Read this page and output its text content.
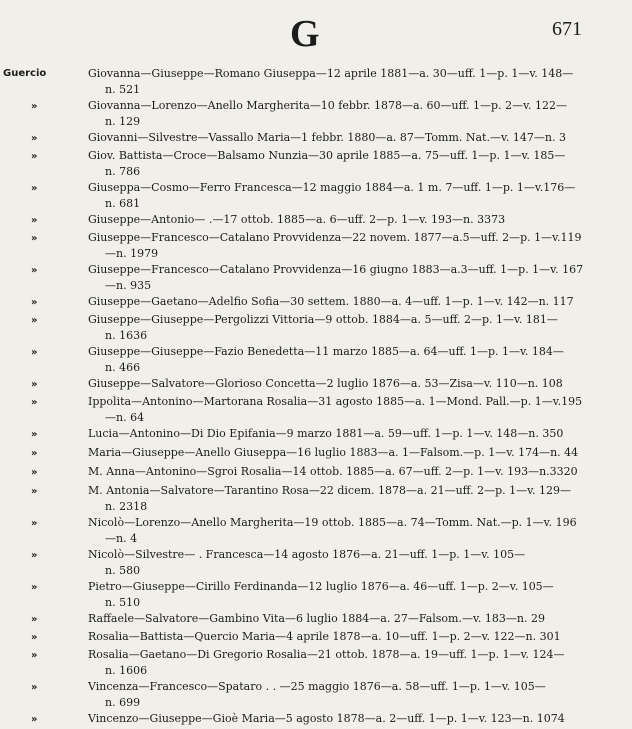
G	671
Guercio	Giovanna—Giuseppe—Romano Giuseppa—12 aprile 1881—a. 30—uff. 1—p. 1—v. 148—
n. 521
»	Giovanna—Lorenzo—Anello Margherita—10 febbr. 1878—a. 60—uff. 1—p. 2—v. 122—
n. 129
»	Giovanni—Silvestre—Vassallo Maria—1 febbr. 1880—a. 87—Tomm. Nat.—v. 147—n. 3
»	Giov. Battista—Croce—Balsamo Nunzia—30 aprile 1885—a. 75—uff. 1—p. 1—v. 185—
n. 786
»	Giuseppa—Cosmo—Ferro Francesca—12 maggio 1884—a. 1 m. 7—uff. 1—p. 1—v.176—
n. 681
»	Giuseppe—Antonio— .—17 ottob. 1885—a. 6—uff. 2—p. 1—v. 193—n. 3373
»	Giuseppe—Francesco—Catalano Provvidenza—22 novem. 1877—a.5—uff. 2—p. 1—v.119
—n. 1979
»	Giuseppe—Francesco—Catalano Provvidenza—16 giugno 1883—a.3—uff. 1—p. 1—v. 167
—n. 935
»	Giuseppe—Gaetano—Adelfio Sofia—30 settem. 1880—a. 4—uff. 1—p. 1—v. 142—n. 117
»	Giuseppe—Giuseppe—Pergolizzi Vittoria—9 ottob. 1884—a. 5—uff. 2—p. 1—v. 181—
n. 1636
»	Giuseppe—Giuseppe—Fazio Benedetta—11 marzo 1885—a. 64—uff. 1—p. 1—v. 184—
n. 466
»	Giuseppe—Salvatore—Glorioso Concetta—2 luglio 1876—a. 53—Zisa—v. 110—n. 108
»	Ippolita—Antonino—Martorana Rosalia—31 agosto 1885—a. 1—Mond. Pall.—p. 1—v.195
—n. 64
»	Lucia—Antonino—Di Dio Epifania—9 marzo 1881—a. 59—uff. 1—p. 1—v. 148—n. 350
»	Maria—Giuseppe—Anello Giuseppa—16 luglio 1883—a. 1—Falsom.—p. 1—v. 174—n. 44
»	M. Anna—Antonino—Sgroi Rosalia—14 ottob. 1885—a. 67—uff. 2—p. 1—v. 193—n.3320
»	M. Antonia—Salvatore—Tarantino Rosa—22 dicem. 1878—a. 21—uff. 2—p. 1—v. 129—
n. 2318
»	Nicolò—Lorenzo—Anello Margherita—19 ottob. 1885—a. 74—Tomm. Nat.—p. 1—v. 196
—n. 4
»	Nicolò—Silvestre— . Francesca—14 agosto 1876—a. 21—uff. 1—p. 1—v. 105—
n. 580
»	Pietro—Giuseppe—Cirillo Ferdinanda—12 luglio 1876—a. 46—uff. 1—p. 2—v. 105—
n. 510
»	Raffaele—Salvatore—Gambino Vita—6 luglio 1884—a. 27—Falsom.—v. 183—n. 29
»	Rosalia—Battista—Quercio Maria—4 aprile 1878—a. 10—uff. 1—p. 2—v. 122—n. 301
»	Rosalia—Gaetano—Di Gregorio Rosalia—21 ottob. 1878—a. 19—uff. 1—p. 1—v. 124—
n. 1606
»	Vincenza—Francesco—Spataro . . —25 maggio 1876—a. 58—uff. 1—p. 1—v. 105—
n. 699
»	Vincenzo—Giuseppe—Gioè Maria—5 agosto 1878—a. 2—uff. 1—p. 1—v. 123—n. 1074
